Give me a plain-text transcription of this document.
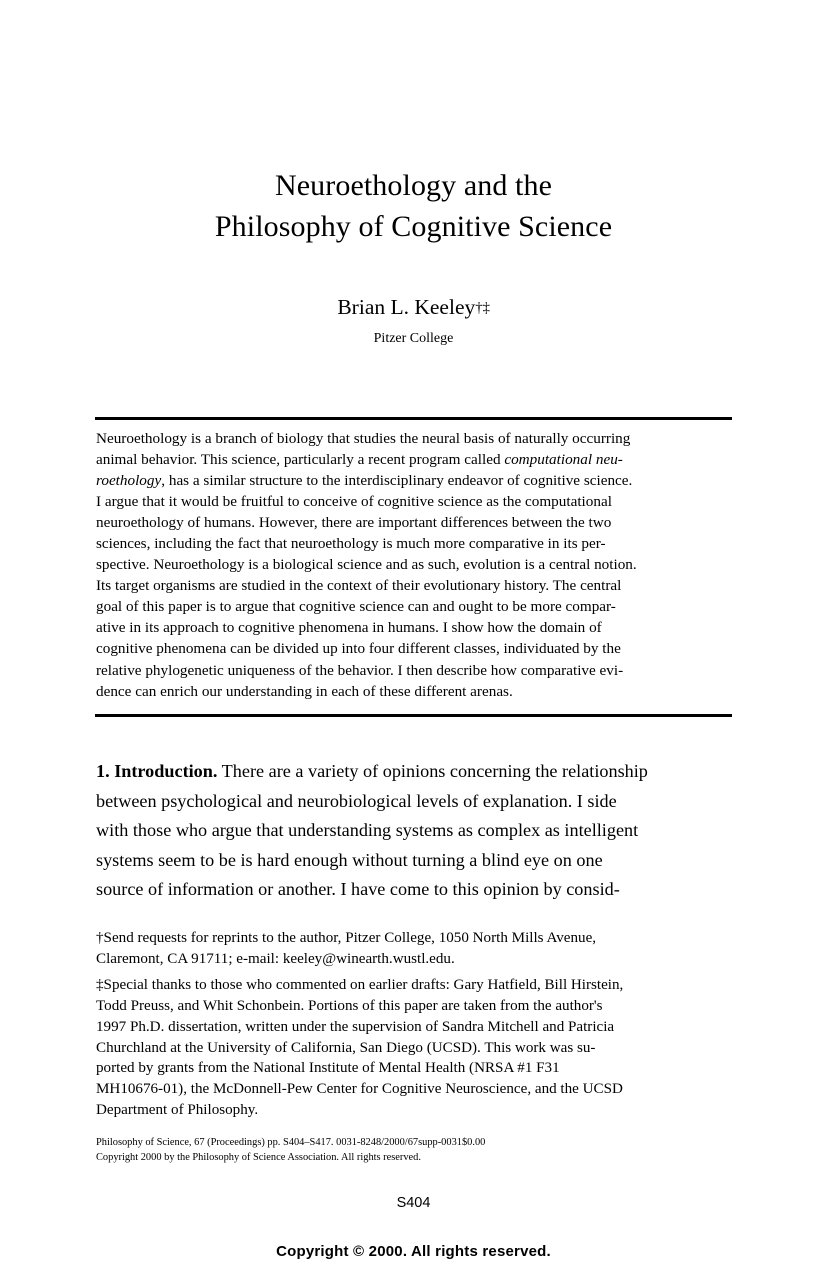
Neuroethology and the
Philosophy of Cognitive Science
Brian L. Keeley†‡
Pitzer College
Neuroethology is a branch of biology that studies the neural basis of naturally occurring
animal behavior. This science, particularly a recent program called computational neu-
roethology, has a similar structure to the interdisciplinary endeavor of cognitive science.
I argue that it would be fruitful to conceive of cognitive science as the computational
neuroethology of humans. However, there are important differences between the two
sciences, including the fact that neuroethology is much more comparative in its per-
spective. Neuroethology is a biological science and as such, evolution is a central notion.
Its target organisms are studied in the context of their evolutionary history. The central
goal of this paper is to argue that cognitive science can and ought to be more compar-
ative in its approach to cognitive phenomena in humans. I show how the domain of
cognitive phenomena can be divided up into four different classes, individuated by the
relative phylogenetic uniqueness of the behavior. I then describe how comparative evi-
dence can enrich our understanding in each of these different arenas.
1. Introduction. There are a variety of opinions concerning the relationship
between psychological and neurobiological levels of explanation. I side
with those who argue that understanding systems as complex as intelligent
systems seem to be is hard enough without turning a blind eye on one
source of information or another. I have come to this opinion by consid-
†Send requests for reprints to the author, Pitzer College, 1050 North Mills Avenue,
Claremont, CA 91711; e-mail: keeley@winearth.wustl.edu.
‡Special thanks to those who commented on earlier drafts: Gary Hatfield, Bill Hirstein,
Todd Preuss, and Whit Schonbein. Portions of this paper are taken from the author's
1997 Ph.D. dissertation, written under the supervision of Sandra Mitchell and Patricia
Churchland at the University of California, San Diego (UCSD). This work was su-
ported by grants from the National Institute of Mental Health (NRSA #1 F31
MH10676-01), the McDonnell-Pew Center for Cognitive Neuroscience, and the UCSD
Department of Philosophy.
Philosophy of Science, 67 (Proceedings) pp. S404–S417. 0031-8248/2000/67supp-0031$0.00
Copyright 2000 by the Philosophy of Science Association. All rights reserved.
S404
Copyright © 2000. All rights reserved.
